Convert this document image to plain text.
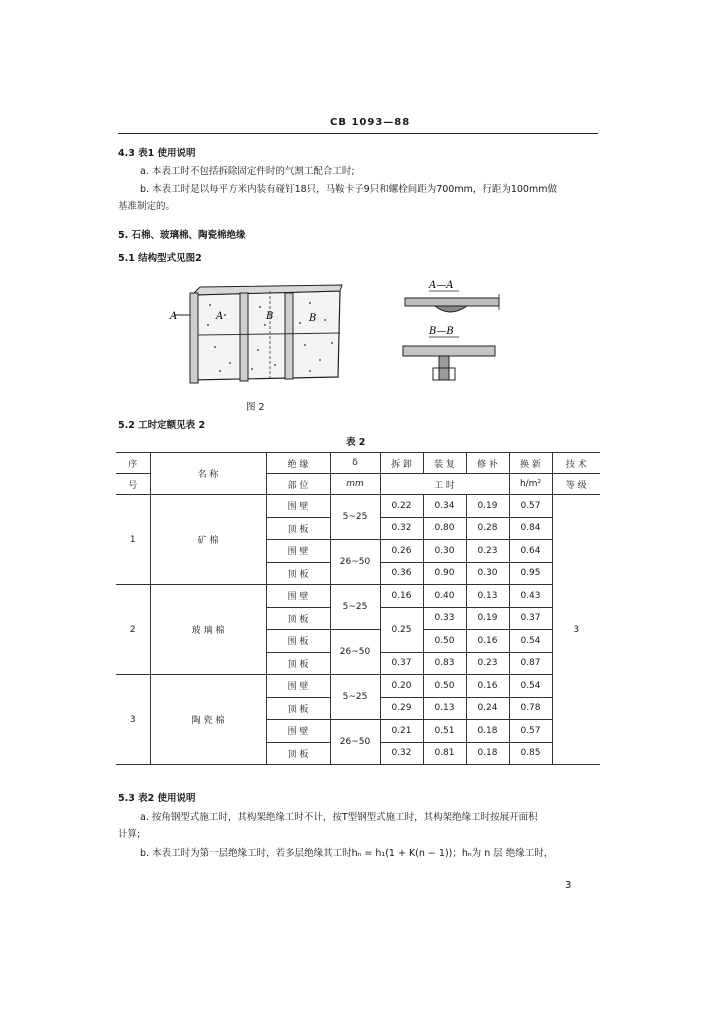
CB 1093—88
4.3 表1 使用说明
a. 本表工时不包括拆除固定件时的气割工配合工时;
b. 本表工时是以每平方米内装有碰钉18只，马鞍卡子9只和螺栓间距为700mm，行距为100mm做
基准制定的。
5. 石棉、玻璃棉、陶瓷棉绝缘
5.1 结构型式见图2
A	A	B	B
A—A
B—B
图 2
5.2 工时定额见表 2
表 2
序	名 称	绝 缘	δ	拆 卸	装 复	修 补	换 新	技 术
号		部 位	mm	工 时			h/m²	等 级
1	矿 棉	围 壁	5~25	0.22	0.34	0.19	0.57	3
		顶 板		0.32	0.80	0.28	0.84	
		围 壁	26~50	0.26	0.30	0.23	0.64	
		顶 板		0.36	0.90	0.30	0.95	
2	玻 璃 棉	围 壁	5~25	0.16	0.40	0.13	0.43	
		顶 板		0.25	0.33	0.19	0.37	
		围 板	26~50		0.50	0.16	0.54	
		顶 板		0.37	0.83	0.23	0.87	
3	陶 瓷 棉	围 壁	5~25	0.20	0.50	0.16	0.54	
		顶 板		0.29	0.13	0.24	0.78	
		围 壁	26~50	0.21	0.51	0.18	0.57	
		顶 板		0.32	0.81	0.18	0.85	
5.3 表2 使用说明
a. 按角钢型式施工时，其构架绝缘工时不计，按T型钢型式施工时，其构架绝缘工时按展开面积
计算;
b. 本表工时为第一层绝缘工时，若多层绝缘其工时hₙ = h₁(1 + K(n − 1))；hₙ为 n 层 绝缘工时，
3
